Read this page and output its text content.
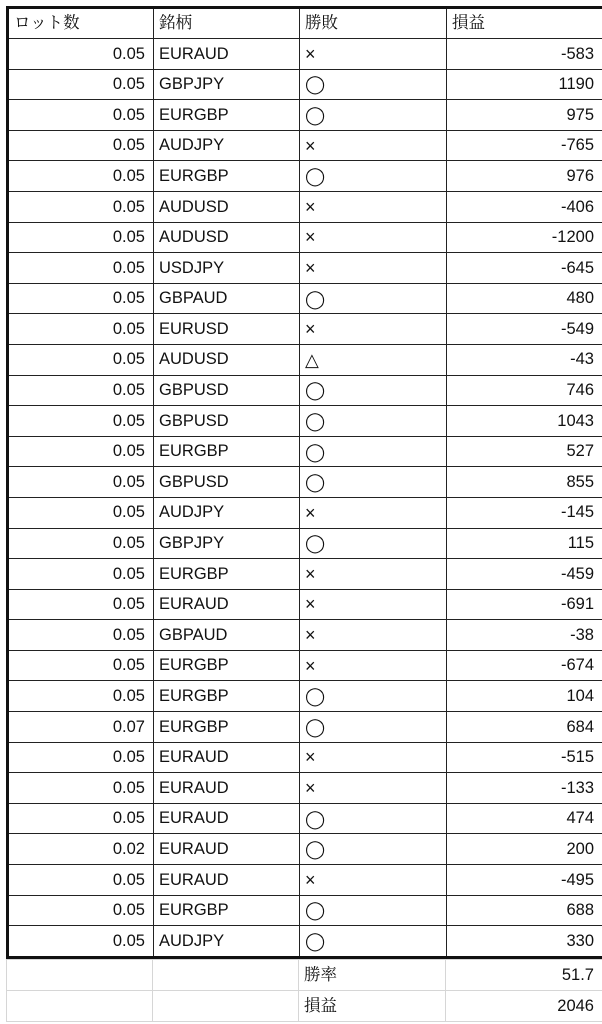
ロット数	銘柄	勝敗	損益
0.05	EURAUD	×	-583
0.05	GBPJPY	◯	1190
0.05	EURGBP	◯	975
0.05	AUDJPY	×	-765
0.05	EURGBP	◯	976
0.05	AUDUSD	×	-406
0.05	AUDUSD	×	-1200
0.05	USDJPY	×	-645
0.05	GBPAUD	◯	480
0.05	EURUSD	×	-549
0.05	AUDUSD	△	-43
0.05	GBPUSD	◯	746
0.05	GBPUSD	◯	1043
0.05	EURGBP	◯	527
0.05	GBPUSD	◯	855
0.05	AUDJPY	×	-145
0.05	GBPJPY	◯	115
0.05	EURGBP	×	-459
0.05	EURAUD	×	-691
0.05	GBPAUD	×	-38
0.05	EURGBP	×	-674
0.05	EURGBP	◯	104
0.07	EURGBP	◯	684
0.05	EURAUD	×	-515
0.05	EURAUD	×	-133
0.05	EURAUD	◯	474
0.02	EURAUD	◯	200
0.05	EURAUD	×	-495
0.05	EURGBP	◯	688
0.05	AUDJPY	◯	330
		勝率	51.7
		損益	2046
